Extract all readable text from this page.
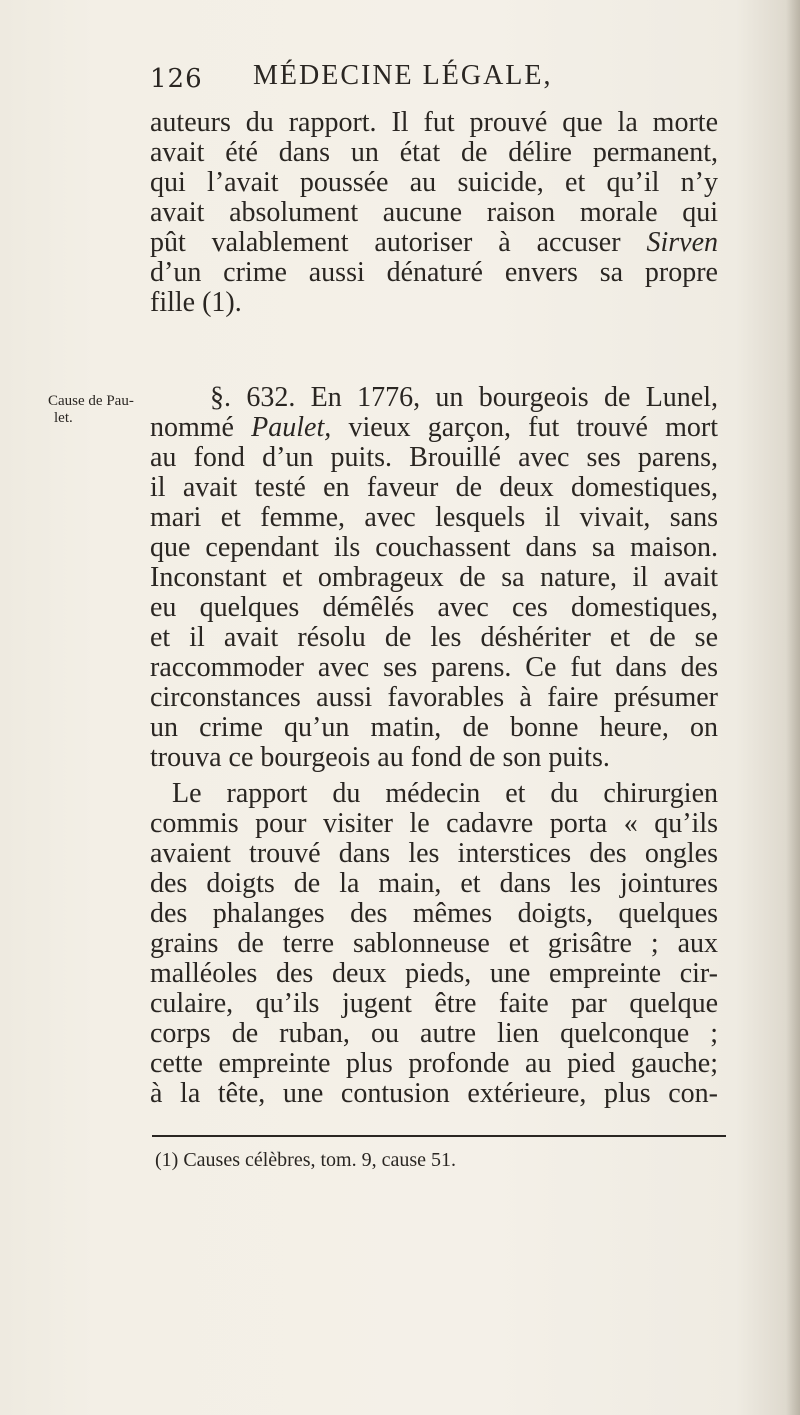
126 MÉDECINE LÉGALE,
auteurs du rapport. Il fut prouvé que la morte
avait été dans un état de délire permanent,
qui l’avait poussée au suicide, et qu’il n’y
avait absolument aucune raison morale qui
pût valablement autoriser à accuser Sirven
d’un crime aussi dénaturé envers sa propre
fille (1).
Cause de Pau-
let.
§. 632. En 1776, un bourgeois de Lunel,
nommé Paulet, vieux garçon, fut trouvé mort
au fond d’un puits. Brouillé avec ses parens,
il avait testé en faveur de deux domestiques,
mari et femme, avec lesquels il vivait, sans
que cependant ils couchassent dans sa maison.
Inconstant et ombrageux de sa nature, il avait
eu quelques démêlés avec ces domestiques,
et il avait résolu de les déshériter et de se
raccommoder avec ses parens. Ce fut dans des
circonstances aussi favorables à faire présumer
un crime qu’un matin, de bonne heure, on
trouva ce bourgeois au fond de son puits.
Le rapport du médecin et du chirurgien
commis pour visiter le cadavre porta « qu’ils
avaient trouvé dans les interstices des ongles
des doigts de la main, et dans les jointures
des phalanges des mêmes doigts, quelques
grains de terre sablonneuse et grisâtre ; aux
malléoles des deux pieds, une empreinte cir-
culaire, qu’ils jugent être faite par quelque
corps de ruban, ou autre lien quelconque ;
cette empreinte plus profonde au pied gauche;
à la tête, une contusion extérieure, plus con-
(1) Causes célèbres, tom. 9, cause 51.
